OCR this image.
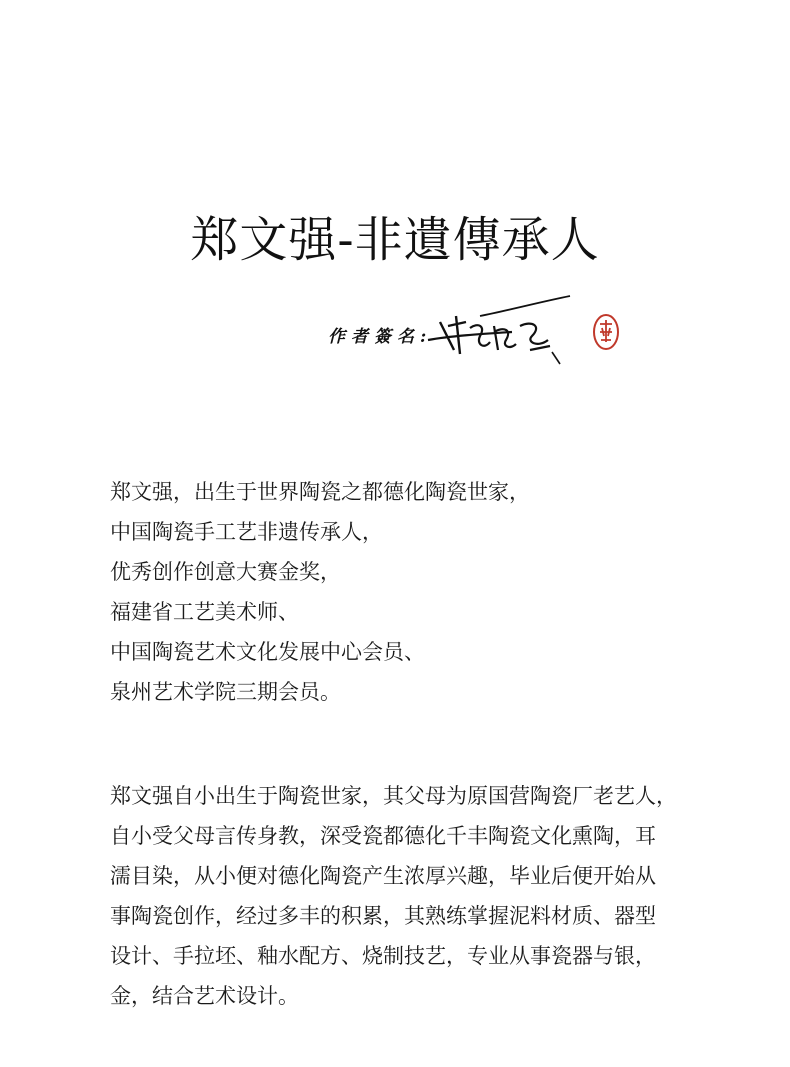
郑文强-非遺傳承人
作者簽名:
郑文强，出生于世界陶瓷之都德化陶瓷世家，
中国陶瓷手工艺非遗传承人，
优秀创作创意大赛金奖，
福建省工艺美术师、
中国陶瓷艺术文化发展中心会员、
泉州艺术学院三期会员。
郑文强自小出生于陶瓷世家，其父母为原国营陶瓷厂老艺人，
自小受父母言传身教，深受瓷都德化千丰陶瓷文化熏陶，耳
濡目染，从小便对德化陶瓷产生浓厚兴趣，毕业后便开始从
事陶瓷创作，经过多丰的积累，其熟练掌握泥料材质、器型
设计、手拉坯、釉水配方、烧制技艺，专业从事瓷器与银，
金，结合艺术设计。
